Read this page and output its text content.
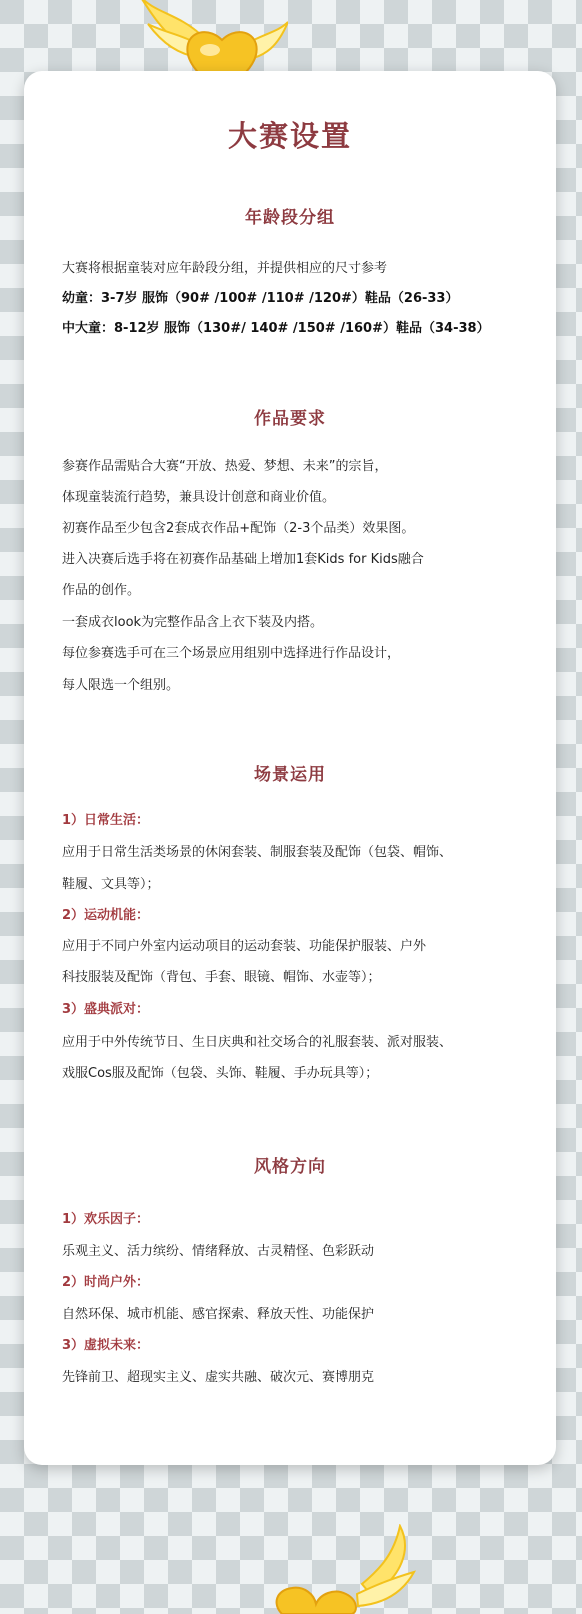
大赛设置
年龄段分组
大赛将根据童装对应年龄段分组，并提供相应的尺寸参考
幼童：3-7岁 服饰（90# /100# /110# /120#）鞋品（26-33）
中大童：8-12岁 服饰（130#/ 140# /150# /160#）鞋品（34-38）
作品要求
参赛作品需贴合大赛“开放、热爱、梦想、未来”的宗旨，
体现童装流行趋势，兼具设计创意和商业价值。
初赛作品至少包含2套成衣作品+配饰（2-3个品类）效果图。
进入决赛后选手将在初赛作品基础上增加1套Kids for Kids融合
作品的创作。
一套成衣look为完整作品含上衣下装及内搭。
每位参赛选手可在三个场景应用组别中选择进行作品设计，
每人限选一个组别。
场景运用
1）日常生活：
应用于日常生活类场景的休闲套装、制服套装及配饰（包袋、帽饰、
鞋履、文具等）；
2）运动机能：
应用于不同户外室内运动项目的运动套装、功能保护服装、户外
科技服装及配饰（背包、手套、眼镜、帽饰、水壶等）；
3）盛典派对：
应用于中外传统节日、生日庆典和社交场合的礼服套装、派对服装、
戏服Cos服及配饰（包袋、头饰、鞋履、手办玩具等）；
风格方向
1）欢乐因子：
乐观主义、活力缤纷、情绪释放、古灵精怪、色彩跃动
2）时尚户外：
自然环保、城市机能、感官探索、释放天性、功能保护
3）虚拟未来：
先锋前卫、超现实主义、虚实共融、破次元、赛博朋克
